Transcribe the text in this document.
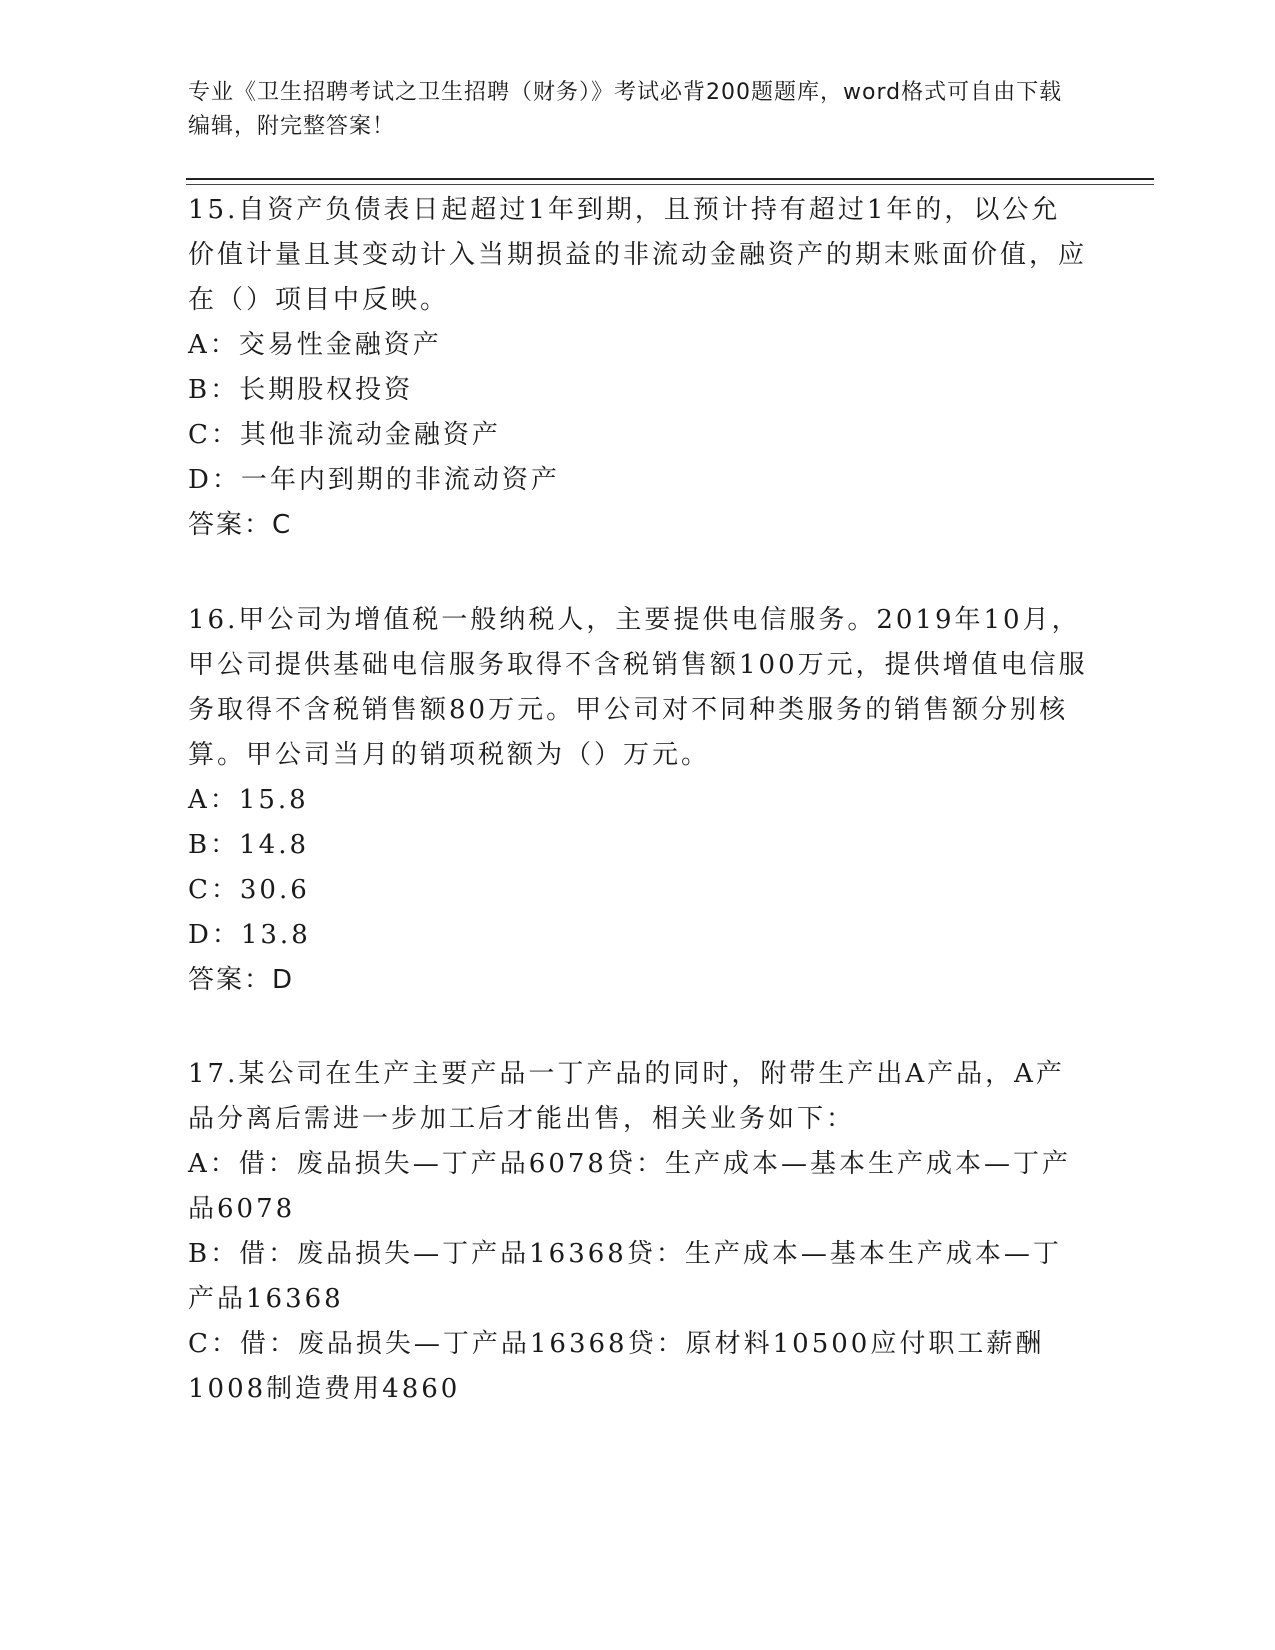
专业《卫生招聘考试之卫生招聘（财务）》考试必背200题题库，word格式可自由下载编辑，附完整答案！
15.自资产负债表日起超过1年到期，且预计持有超过1年的，以公允价值计量且其变动计入当期损益的非流动金融资产的期末账面价值，应在（）项目中反映。
A：交易性金融资产
B：长期股权投资
C：其他非流动金融资产
D：一年内到期的非流动资产
答案：C
16.甲公司为增值税一般纳税人，主要提供电信服务。2019年10月，甲公司提供基础电信服务取得不含税销售额100万元，提供增值电信服务取得不含税销售额80万元。甲公司对不同种类服务的销售额分别核算。甲公司当月的销项税额为（）万元。
A：15.8
B：14.8
C：30.6
D：13.8
答案：D
17.某公司在生产主要产品一丁产品的同时，附带生产出A产品，A产品分离后需进一步加工后才能出售，相关业务如下：
A：借：废品损失—丁产品6078贷：生产成本—基本生产成本—丁产品6078
B：借：废品损失—丁产品16368贷：生产成本—基本生产成本—丁产品16368
C：借：废品损失—丁产品16368贷：原材料10500应付职工薪酬1008制造费用4860
